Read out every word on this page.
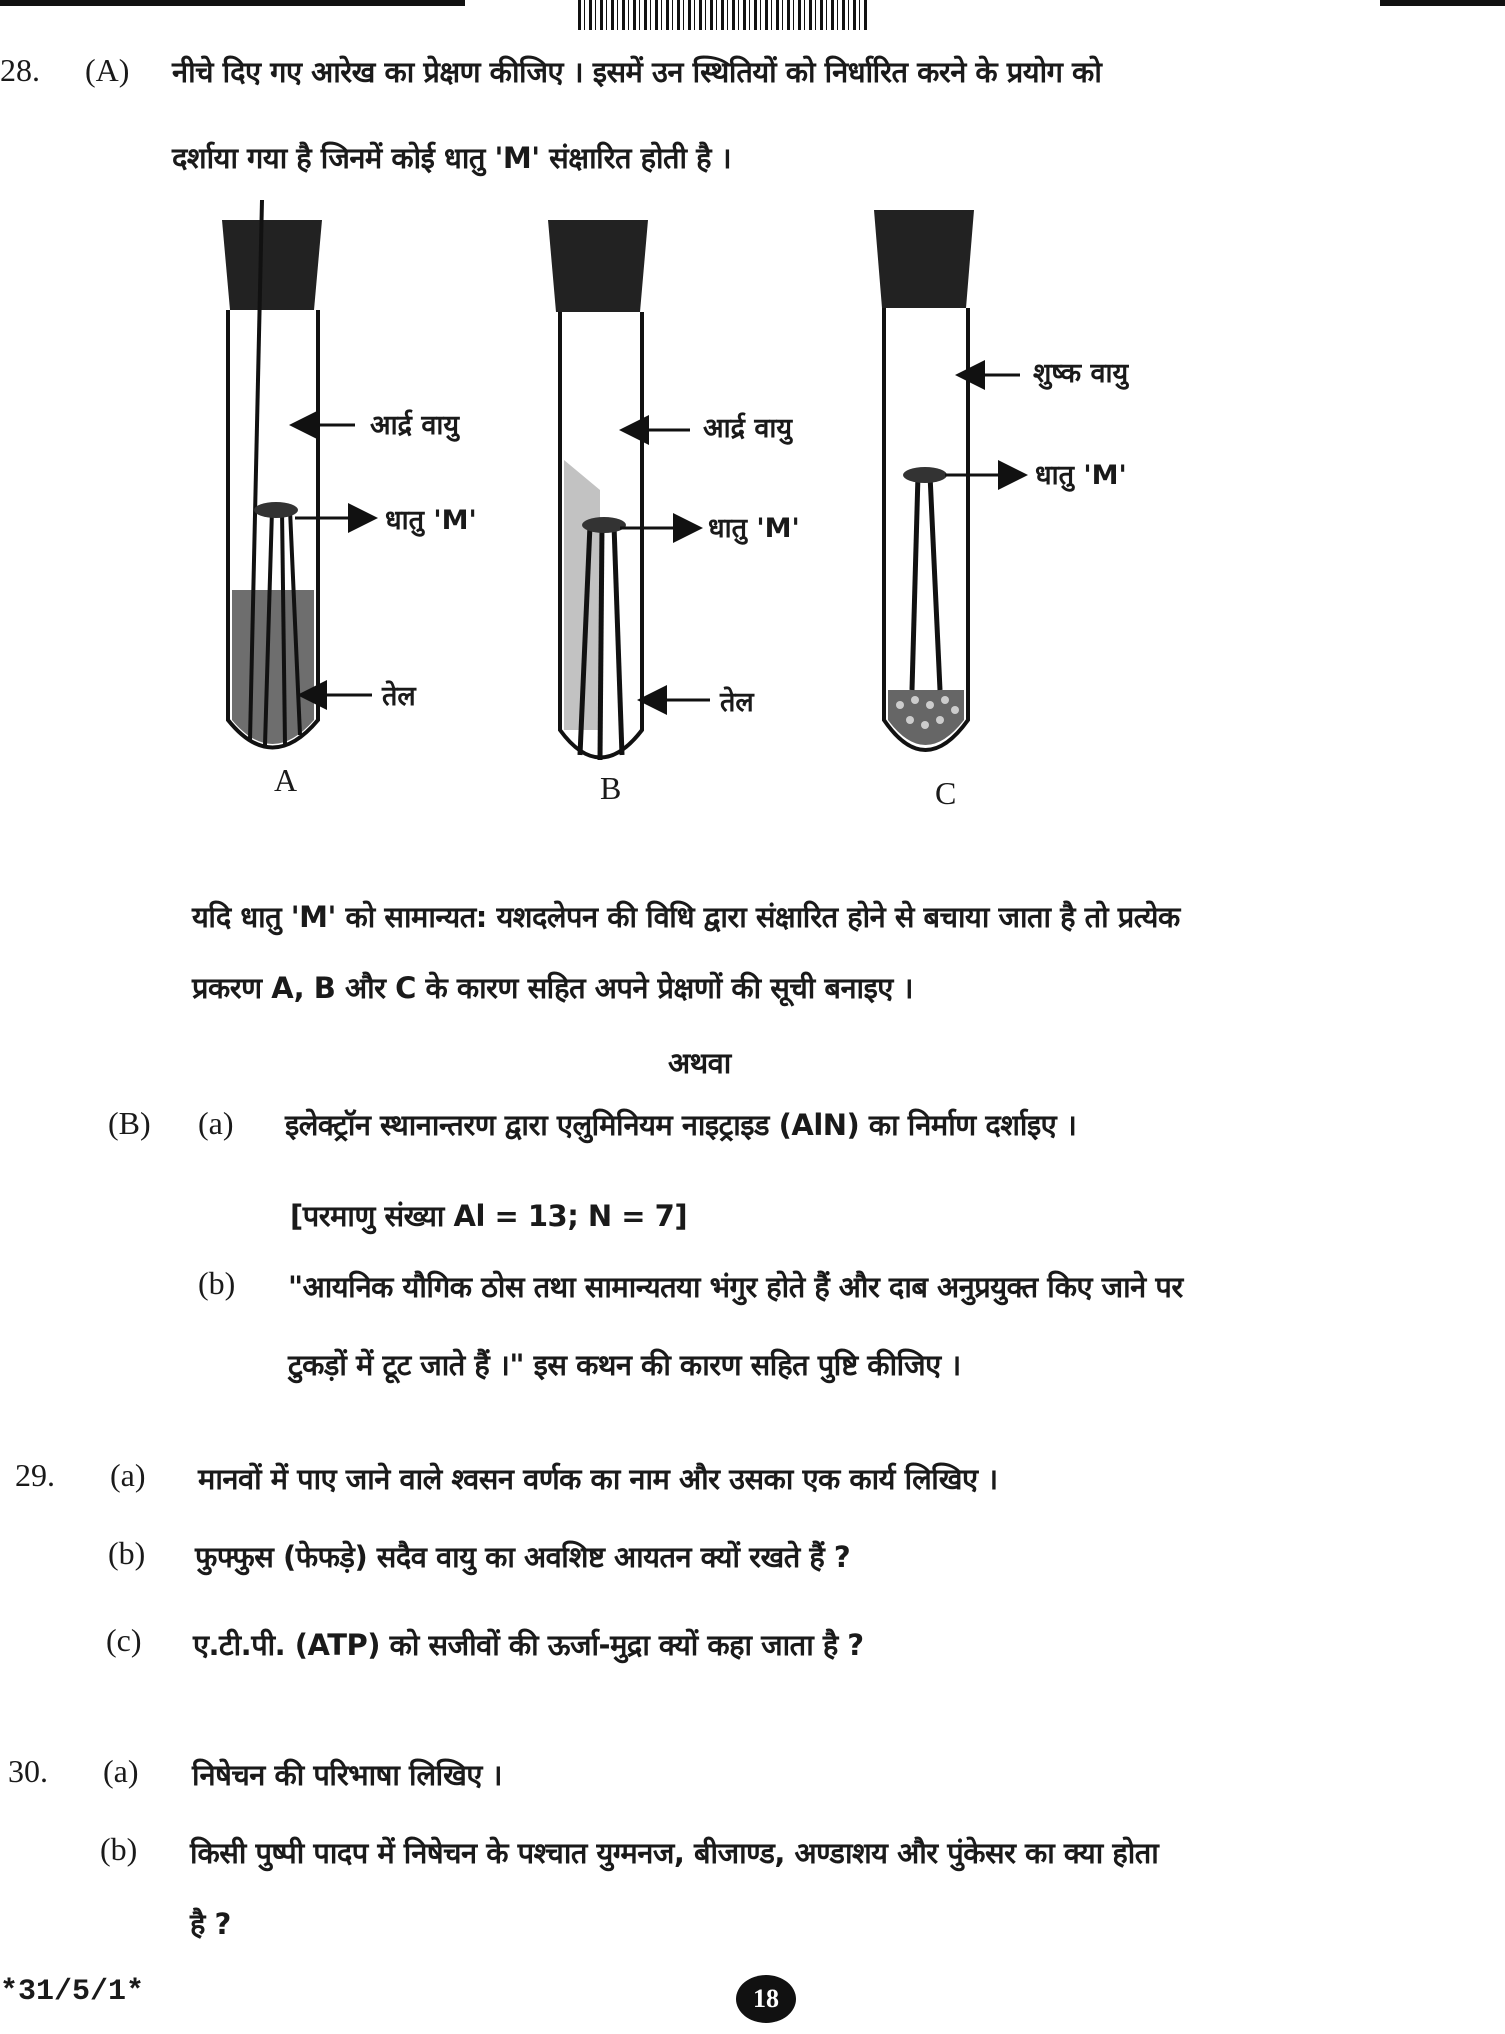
28. (A) नीचे दिए गए आरेख का प्रेक्षण कीजिए । इसमें उन स्थितियों को निर्धारित करने के प्रयोग को
दर्शाया गया है जिनमें कोई धातु 'M' संक्षारित होती है ।
आर्द्र वायु
धातु 'M'
तेल
A
आर्द्र वायु
धातु 'M'
तेल
B
शुष्क वायु
धातु 'M'
C
यदि धातु 'M' को सामान्यत: यशदलेपन की विधि द्वारा संक्षारित होने से बचाया जाता है तो प्रत्येक
प्रकरण A, B और C के कारण सहित अपने प्रेक्षणों की सूची बनाइए ।
अथवा
(B) (a) इलेक्ट्रॉन स्थानान्तरण द्वारा एलुमिनियम नाइट्राइड (AlN) का निर्माण दर्शाइए ।
[परमाणु संख्या Al = 13; N = 7]
(b) "आयनिक यौगिक ठोस तथा सामान्यतया भंगुर होते हैं और दाब अनुप्रयुक्त किए जाने पर
टुकड़ों में टूट जाते हैं ।" इस कथन की कारण सहित पुष्टि कीजिए ।
29. (a) मानवों में पाए जाने वाले श्वसन वर्णक का नाम और उसका एक कार्य लिखिए ।
(b) फुफ्फुस (फेफड़े) सदैव वायु का अवशिष्ट आयतन क्यों रखते हैं ?
(c) ए.टी.पी. (ATP) को सजीवों की ऊर्जा-मुद्रा क्यों कहा जाता है ?
30. (a) निषेचन की परिभाषा लिखिए ।
(b) किसी पुष्पी पादप में निषेचन के पश्चात युग्मनज, बीजाण्ड, अण्डाशय और पुंकेसर का क्या होता
है ?
*31/5/1*	18
